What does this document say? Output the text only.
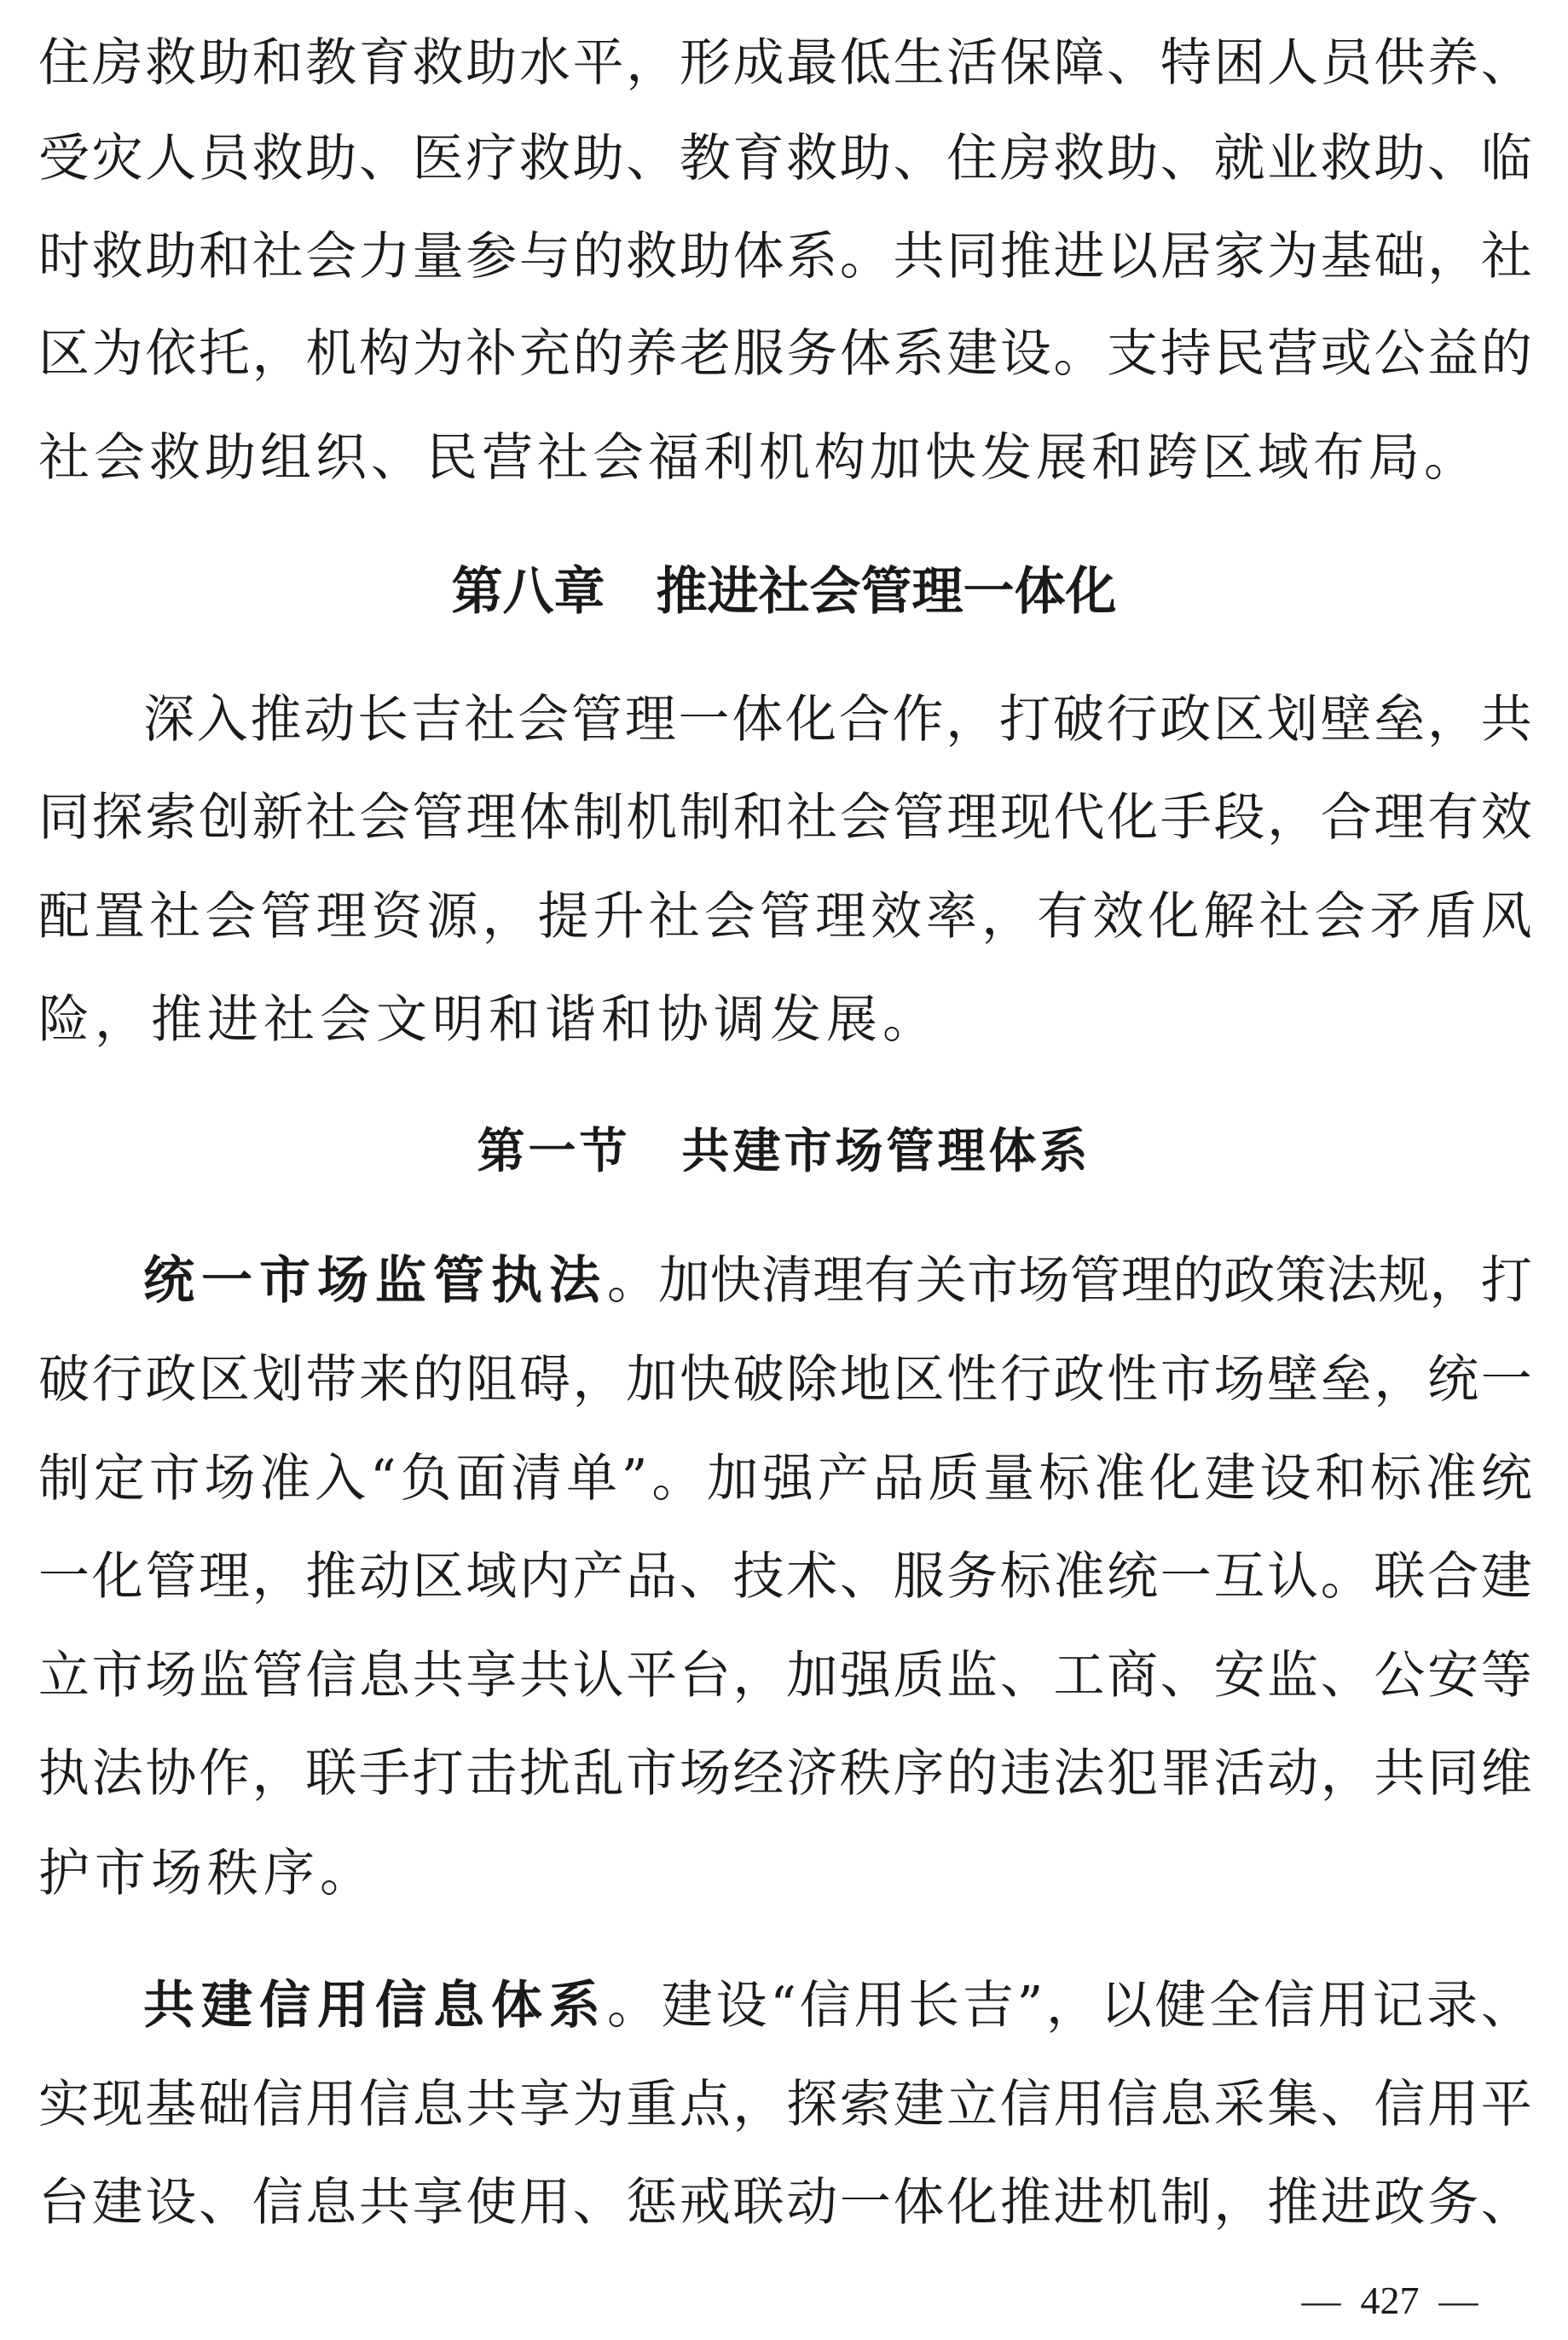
住 房 救 助 和 教 育 救 助 水 平 ， 形 成 最 低 生 活 保 障 、 特 困 人 员 供 养 、
受 灾 人 员 救 助 、 医 疗 救 助 、 教 育 救 助 、 住 房 救 助 、 就 业 救 助 、 临
时 救 助 和 社 会 力 量 参 与 的 救 助 体 系 。 共 同 推 进 以 居 家 为 基 础 ， 社
区 为 依 托 ， 机 构 为 补 充 的 养 老 服 务 体 系 建 设 。 支 持 民 营 或 公 益 的
社会救助组织、民营社会福利机构加快发展和跨区域布局。
第八章　推进社会管理一体化
深 入 推 动 长 吉 社 会 管 理 一 体 化 合 作 ， 打 破 行 政 区 划 壁 垒 ， 共
同 探 索 创 新 社 会 管 理 体 制 机 制 和 社 会 管 理 现 代 化 手 段 ， 合 理 有 效
配 置 社 会 管 理 资 源 ， 提 升 社 会 管 理 效 率 ， 有 效 化 解 社 会 矛 盾 风
险，推进社会文明和谐和协调发展。
第一节　共建市场管理体系
统一市场监管执法 。 加 快 清 理 有 关 市 场 管 理 的 政 策 法 规 ， 打
破 行 政 区 划 带 来 的 阻 碍 ， 加 快 破 除 地 区 性 行 政 性 市 场 壁 垒 ， 统 一
制 定 市 场 准 入 “ 负 面 清 单 ” 。 加 强 产 品 质 量 标 准 化 建 设 和 标 准 统
一 化 管 理 ， 推 动 区 域 内 产 品 、 技 术 、 服 务 标 准 统 一 互 认 。 联 合 建
立 市 场 监 管 信 息 共 享 共 认 平 台 ， 加 强 质 监 、 工 商 、 安 监 、 公 安 等
执 法 协 作 ， 联 手 打 击 扰 乱 市 场 经 济 秩 序 的 违 法 犯 罪 活 动 ， 共 同 维
护市场秩序。
共建信用信息体系 。 建 设 “ 信 用 长 吉 ” ， 以 健 全 信 用 记 录 、
实 现 基 础 信 用 信 息 共 享 为 重 点 ， 探 索 建 立 信 用 信 息 采 集 、 信 用 平
台 建 设 、 信 息 共 享 使 用 、 惩 戒 联 动 一 体 化 推 进 机 制 ， 推 进 政 务 、
—  427  —
